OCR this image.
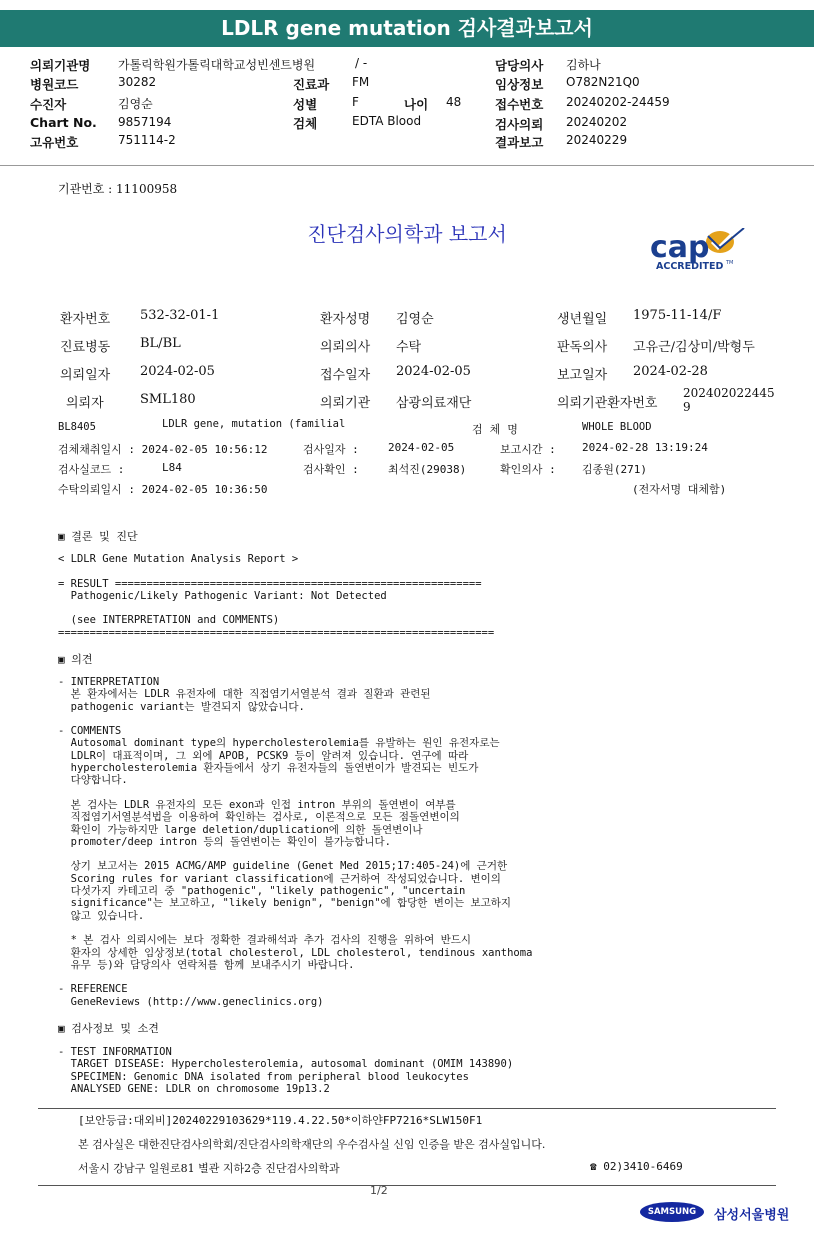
LDLR gene mutation 검사결과보고서
의뢰기관명 가톨릭학원가톨릭대학교성빈센트병원	/ -	담당의사 김하나
병원코드	30282	진료과 FM	임상정보 O782N21Q0
수진자	김영순	성별	F	나이 48	접수번호 20240202-24459
Chart No. 9857194	검체	EDTA Blood	검사의뢰 20240202
고유번호	751114-2	결과보고 20240229
기관번호 : 11100958
진단검사의학과 보고서	cap
ACCREDITED TM
환자번호 532-32-01-1	환자성명 김영순	생년월일 1975-11-14/F
진료병동 BL/BL	의뢰의사 수탁	판독의사 고유근/김상미/박형두
의뢰일자 2024-02-05	접수일자 2024-02-05	보고일자 2024-02-28
의뢰자	SML180	의뢰기관 삼광의료재단	의뢰기관환자번호
202402022445
9
BL8405	LDLR gene, mutation (familial	검  체  명	WHOLE BLOOD
검체채취일시 : 2024-02-05 10:56:12	검사일자 :	2024-02-05	보고시간 : 2024-02-28 13:19:24
검사실코드 :	L84	검사확인 :	최석진(29038)	확인의사 : 김종원(271)
수탁의뢰일시 : 2024-02-05 10:36:50	(전자서명 대체함)
▣ 결론 및 진단
< LDLR Gene Mutation Analysis Report >

= RESULT ==========================================================
Pathogenic/Likely Pathogenic Variant: Not Detected

(see INTERPRETATION and COMMENTS)
=====================================================================
▣ 의견
- INTERPRETATION
본 환자에서는 LDLR 유전자에 대한 직접염기서열분석 결과 질환과 관련된
pathogenic variant는 발견되지 않았습니다.

- COMMENTS
Autosomal dominant type의 hypercholesterolemia를 유발하는 원인 유전자로는
LDLR이 대표적이며, 그 외에 APOB, PCSK9 등이 알려져 있습니다. 연구에 따라
hypercholesterolemia 환자들에서 상기 유전자들의 돌연변이가 발견되는 빈도가
다양합니다.

본 검사는 LDLR 유전자의 모든 exon과 인접 intron 부위의 돌연변이 여부를
직접염기서열분석법을 이용하여 확인하는 검사로, 이론적으로 모든 점돌연변이의
확인이 가능하지만 large deletion/duplication에 의한 돌연변이나
promoter/deep intron 등의 돌연변이는 확인이 불가능합니다.

상기 보고서는 2015 ACMG/AMP guideline (Genet Med 2015;17:405-24)에 근거한
Scoring rules for variant classification에 근거하여 작성되었습니다. 변이의
다섯가지 카테고리 중 "pathogenic", "likely pathogenic", "uncertain
significance"는 보고하고, "likely benign", "benign"에 합당한 변이는 보고하지
않고 있습니다.

* 본 검사 의뢰시에는 보다 정확한 결과해석과 추가 검사의 진행을 위하여 반드시
환자의 상세한 임상정보(total cholesterol, LDL cholesterol, tendinous xanthoma
유무 등)와 담당의사 연락처를 함께 보내주시기 바랍니다.

- REFERENCE
GeneReviews (http://www.geneclinics.org)
▣ 검사정보 및 소견
- TEST INFORMATION
TARGET DISEASE: Hypercholesterolemia, autosomal dominant (OMIM 143890)
SPECIMEN: Genomic DNA isolated from peripheral blood leukocytes
ANALYSED GENE: LDLR on chromosome 19p13.2
[보안등급:대외비]20240229103629*119.4.22.50*이하얀FP7216*SLW150F1
본 검사실은 대한진단검사의학회/진단검사의학재단의 우수검사실 신임 인증을 받은 검사실입니다.
서울시 강남구 일원로81 별관 지하2층 진단검사의학과	☎ 02)3410-6469
1/2
SAMSUNG	삼성서울병원
